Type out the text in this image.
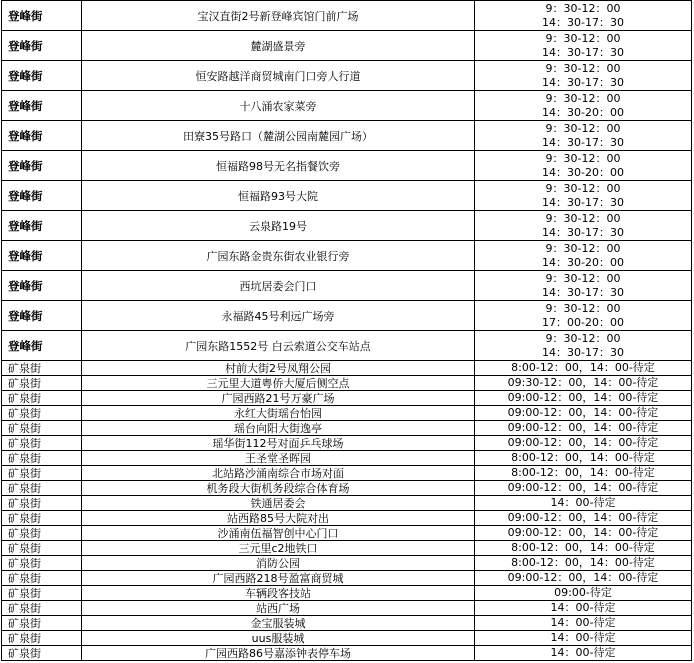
登峰街	宝汉直街2号新登峰宾馆门前广场	9：30-12：00
14：30-17：30

登峰街	麓湖盛景旁	9：30-12：00
14：30-17：30

登峰街	恒安路越洋商贸城南门口旁人行道	9：30-12：00
14：30-17：30

登峰街	十八涌农家菜旁	9：30-12：00
14：30-20：00

登峰街	田寮35号路口（麓湖公园南麓园广场）	9：30-12：00
14：30-17：30

登峰街	恒福路98号无名指餐饮旁	9：30-12：00
14：30-20：00

登峰街	恒福路93号大院	9：30-12：00
14：30-17：30

登峰街	云泉路19号	9：30-12：00
14：30-17：30

登峰街	广园东路金贵东街农业银行旁	9：30-12：00
14：30-20：00

登峰街	西坑居委会门口	9：30-12：00
14：30-17：30

登峰街	永福路45号利远广场旁	9：30-12：00
17：00-20：00

登峰街	广园东路1552号 白云索道公交车站点	9：30-12：00
14：30-17：30

矿泉街	村前大街2号凤翔公园	8:00-12：00，14：00-待定

矿泉街	三元里大道粤侨大厦后侧空点	09:30-12：00，14：00-待定

矿泉街	广园西路21号万豪广场	09:00-12：00，14：00-待定

矿泉街	永红大街瑶台怡园	09:00-12：00，14：00-待定

矿泉街	瑶台向阳大街逸亭	09:00-12：00，14：00-待定

矿泉街	瑶华街112号对面乒乓球场	09:00-12：00，14：00-待定

矿泉街	王圣堂圣晖园	8:00-12：00，14：00-待定

矿泉街	北站路沙涌南综合市场对面	8:00-12：00，14：00-待定

矿泉街	机务段大街机务段综合体育场	09:00-12：00，14：00-待定

矿泉街	铁通居委会	14：00-待定

矿泉街	站西路85号大院对出	09:00-12：00，14：00-待定

矿泉街	沙涌南伍福智创中心门口	09:00-12：00，14：00-待定

矿泉街	三元里c2地铁口	8:00-12：00，14：00-待定

矿泉街	消防公园	8:00-12：00，14：00-待定

矿泉街	广园西路218号盈富商贸城	09:00-12：00，14：00-待定

矿泉街	车辆段客技站	09:00-待定

矿泉街	站西广场	14：00-待定

矿泉街	金宝服装城	14：00-待定

矿泉街	uus服装城	14：00-待定

矿泉街	广园西路86号嘉添钟表停车场	14：00-待定
